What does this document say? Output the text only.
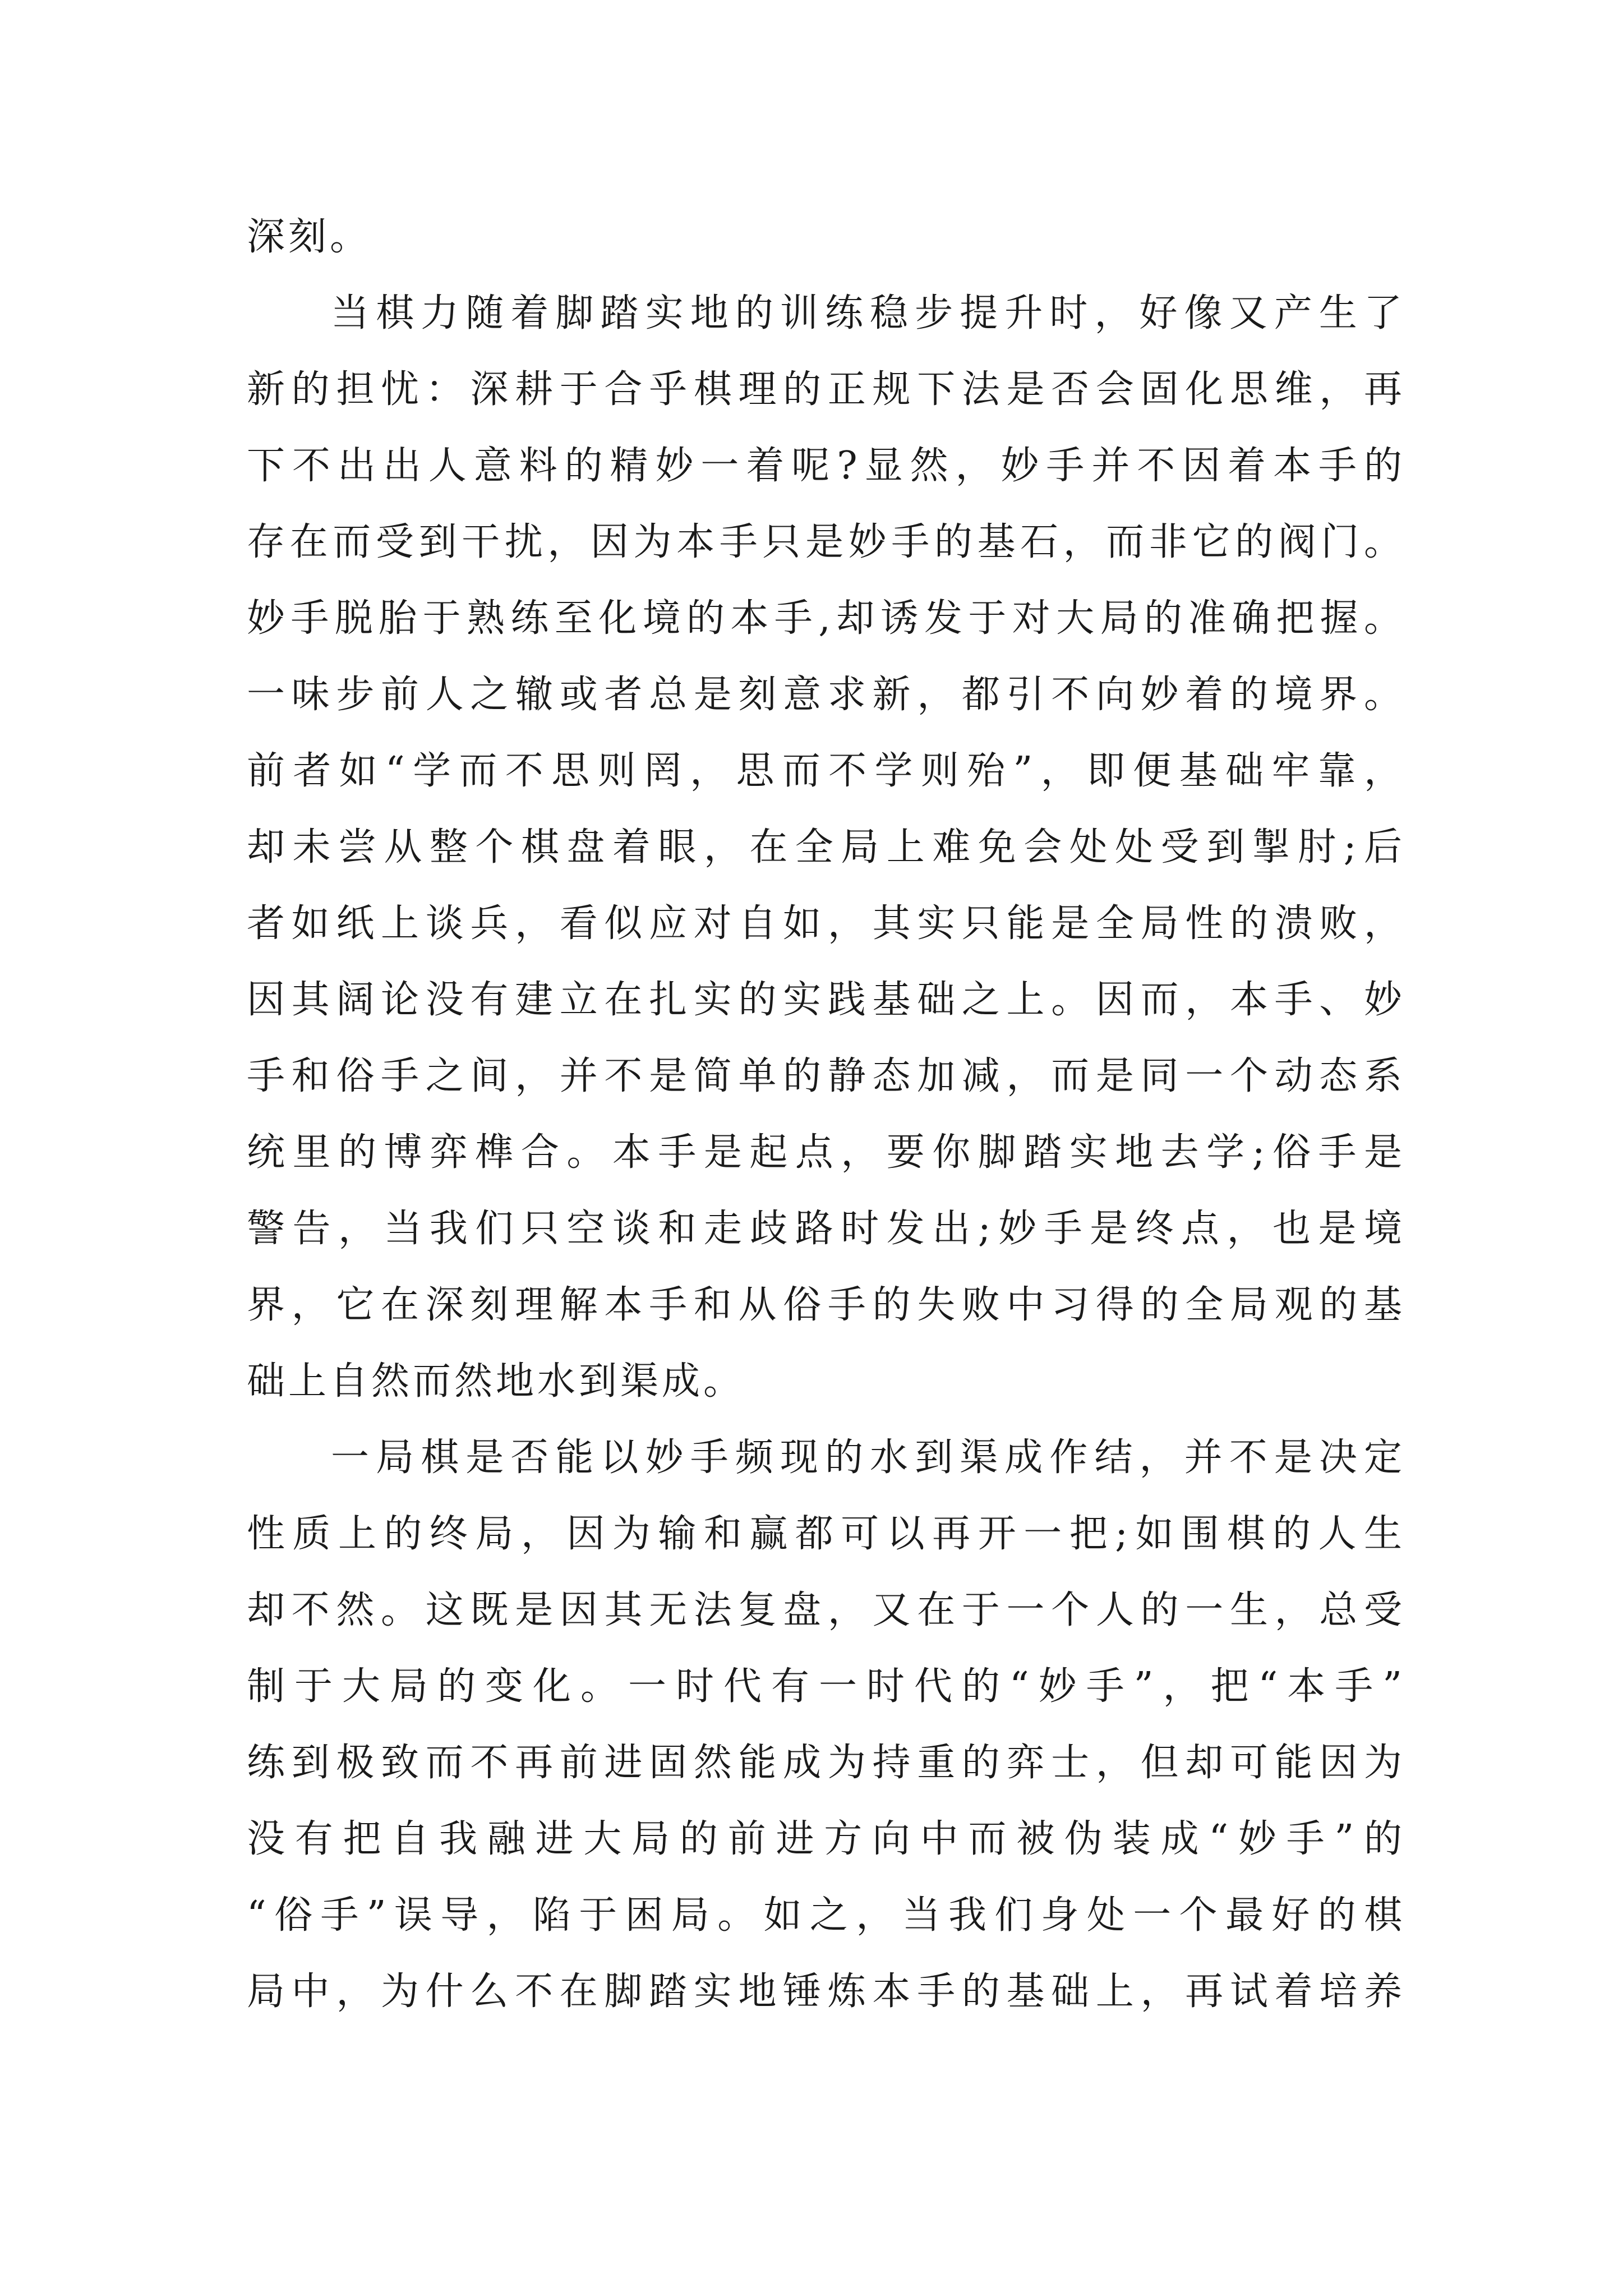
深刻。
当棋力随着脚踏实地的训练稳步提升时，好像又产生了
新的担忧：深耕于合乎棋理的正规下法是否会固化思维，再
下不出出人意料的精妙一着呢?显然，妙手并不因着本手的
存在而受到干扰，因为本手只是妙手的基石，而非它的阀门。
妙手脱胎于熟练至化境的本手,却诱发于对大局的准确把握。
一味步前人之辙或者总是刻意求新，都引不向妙着的境界。
前者如“学而不思则罔，思而不学则殆”，即便基础牢靠，
却未尝从整个棋盘着眼，在全局上难免会处处受到掣肘;后
者如纸上谈兵，看似应对自如，其实只能是全局性的溃败，
因其阔论没有建立在扎实的实践基础之上。因而，本手、妙
手和俗手之间，并不是简单的静态加减，而是同一个动态系
统里的博弈榫合。本手是起点，要你脚踏实地去学;俗手是
警告，当我们只空谈和走歧路时发出;妙手是终点，也是境
界，它在深刻理解本手和从俗手的失败中习得的全局观的基
础上自然而然地水到渠成。
一局棋是否能以妙手频现的水到渠成作结，并不是决定
性质上的终局，因为输和赢都可以再开一把;如围棋的人生
却不然。这既是因其无法复盘，又在于一个人的一生，总受
制于大局的变化。一时代有一时代的“妙手”，把“本手”
练到极致而不再前进固然能成为持重的弈士，但却可能因为
没有把自我融进大局的前进方向中而被伪装成“妙手”的
“俗手”误导，陷于困局。如之，当我们身处一个最好的棋
局中，为什么不在脚踏实地锤炼本手的基础上，再试着培养
